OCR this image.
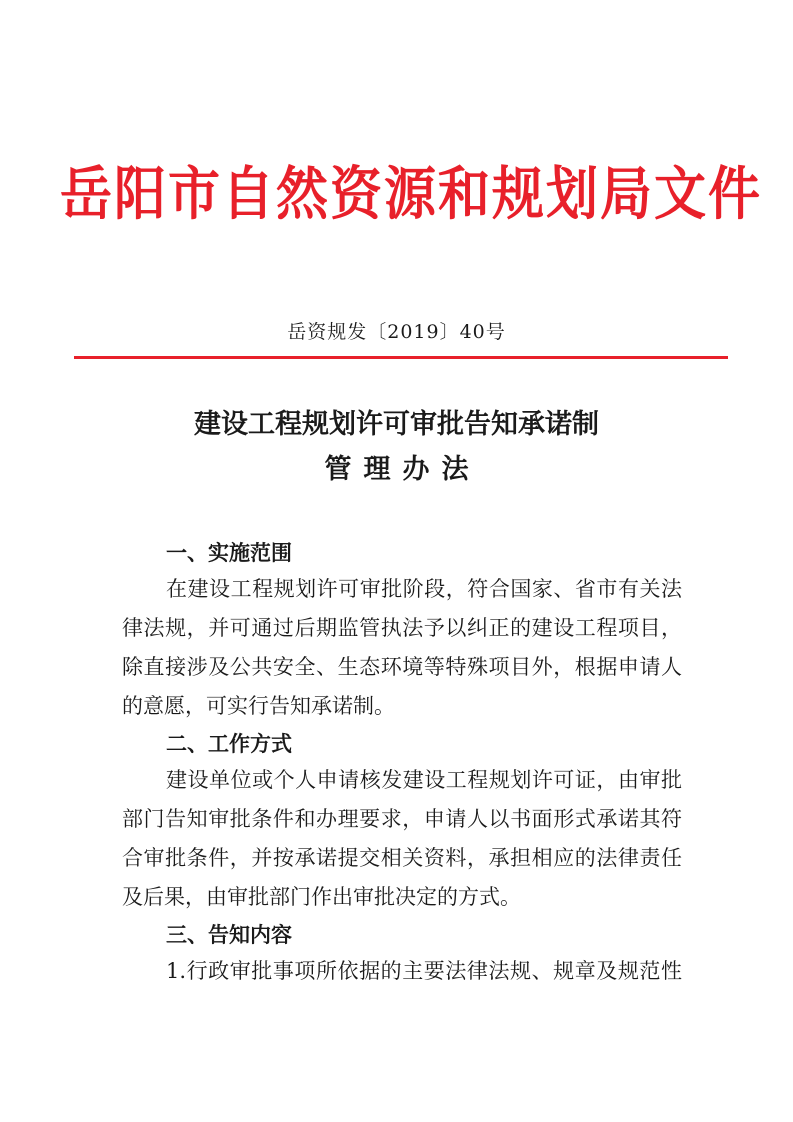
岳阳市自然资源和规划局文件
岳资规发〔2019〕40号
建设工程规划许可审批告知承诺制
管理办法

一、实施范围

在建设工程规划许可审批阶段，符合国家、省市有关法

律法规，并可通过后期监管执法予以纠正的建设工程项目，

除直接涉及公共安全、生态环境等特殊项目外，根据申请人

的意愿，可实行告知承诺制。

二、工作方式

建设单位或个人申请核发建设工程规划许可证，由审批

部门告知审批条件和办理要求，申请人以书面形式承诺其符

合审批条件，并按承诺提交相关资料，承担相应的法律责任

及后果，由审批部门作出审批决定的方式。

三、告知内容

1.行政审批事项所依据的主要法律法规、规章及规范性
